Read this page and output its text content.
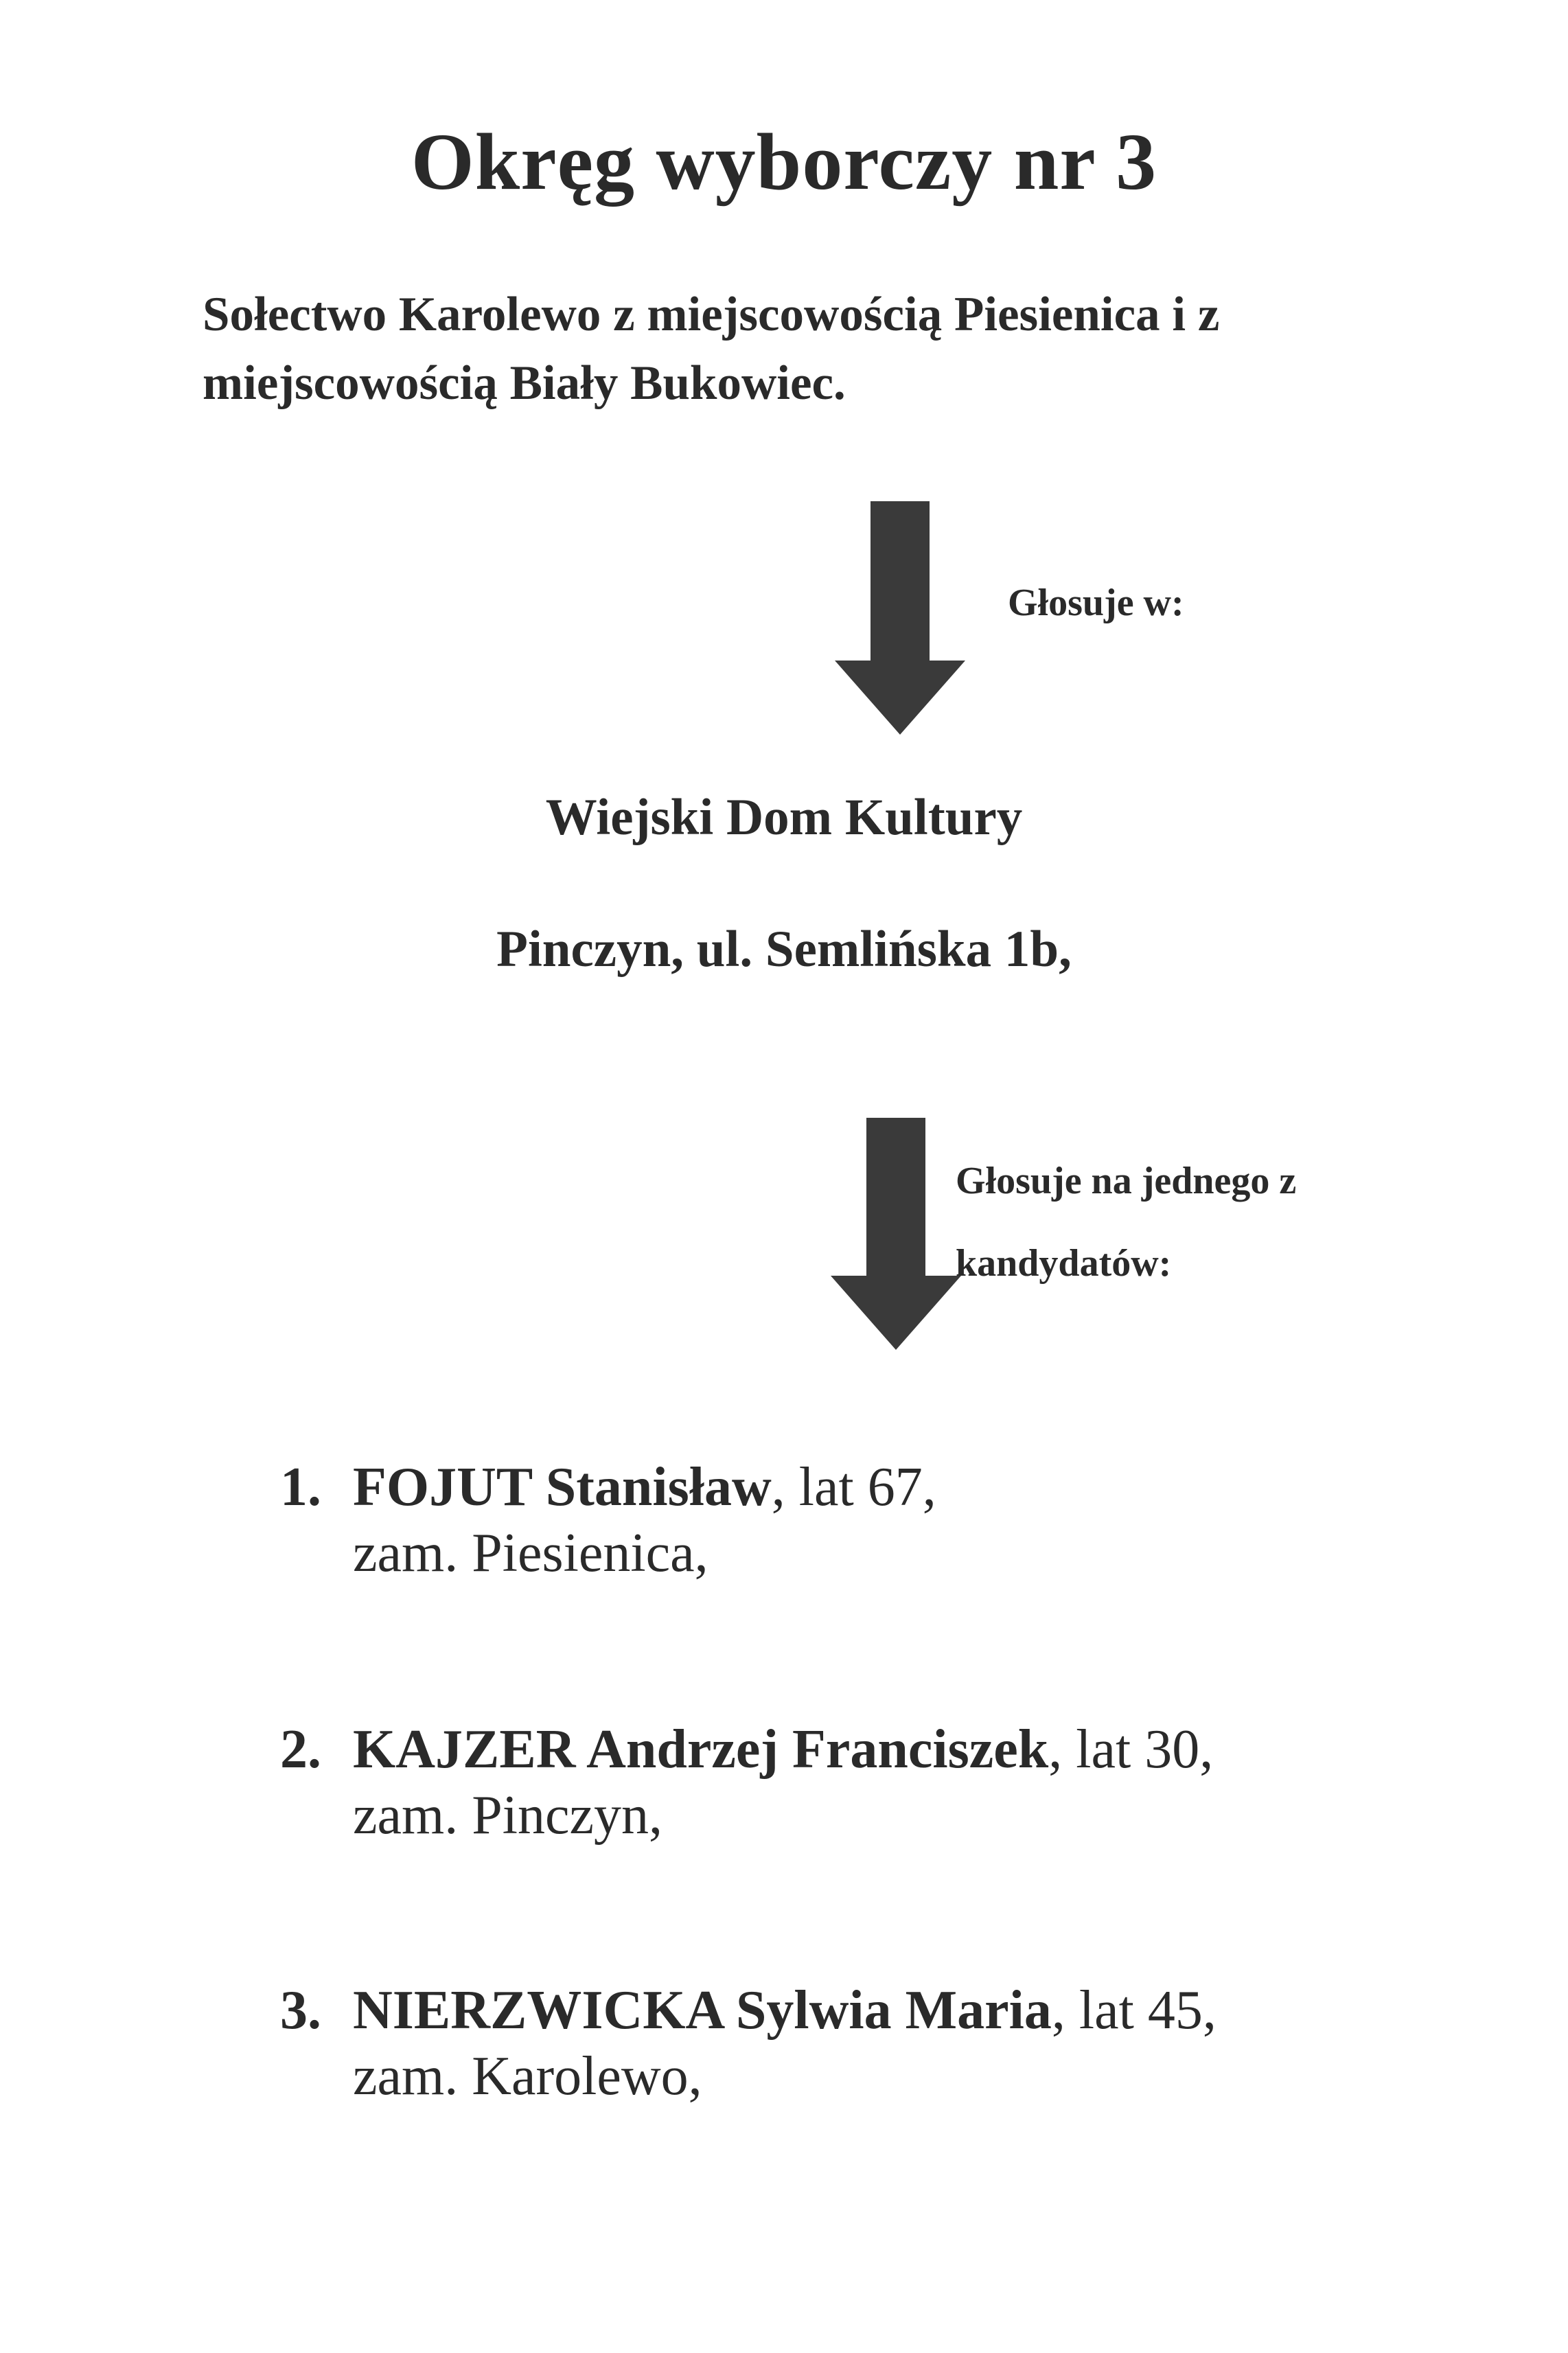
Okręg wyborczy nr 3

Sołectwo Karolewo z miejscowością Piesienica i z miejscowością Biały Bukowiec.

Głosuje w:
Wiejski Dom Kultury
Pinczyn, ul. Semlińska 1b,
Głosuje na jednego z
kandydatów:
1. FOJUT Stanisław, lat 67,
zam. Piesienica,
2. KAJZER Andrzej Franciszek, lat 30,
zam. Pinczyn,
3. NIERZWICKA Sylwia Maria, lat 45,
zam. Karolewo,
